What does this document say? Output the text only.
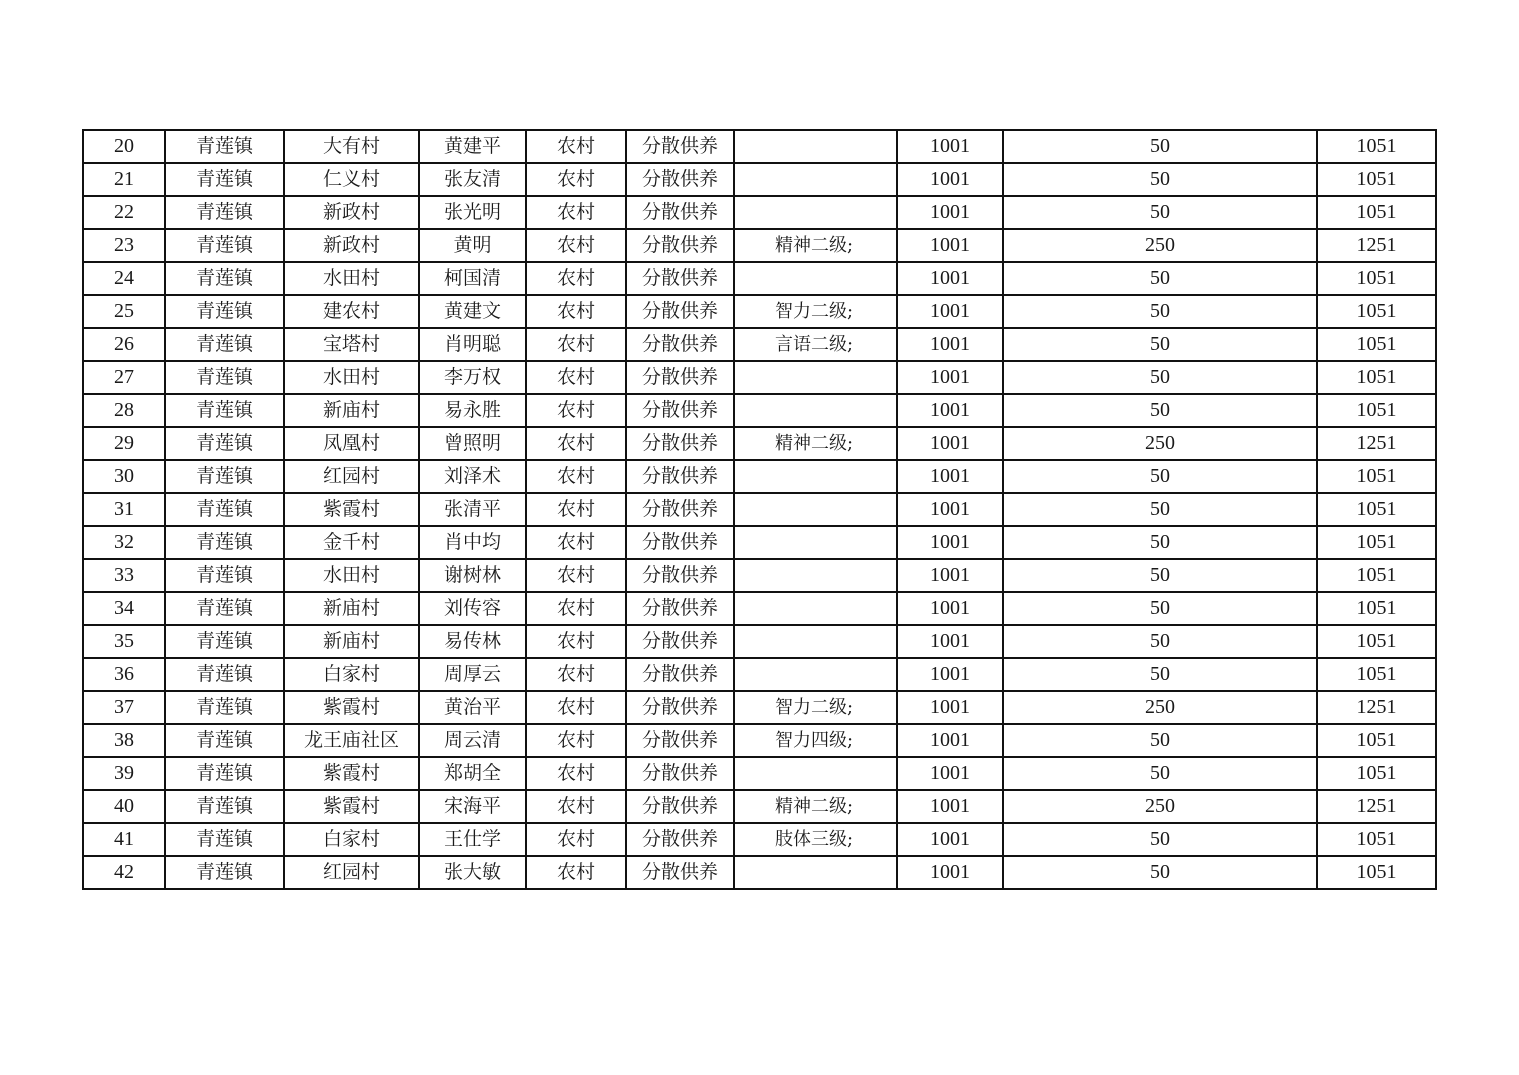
20	青莲镇	大有村	黄建平	农村	分散供养		1001	50	1051
21	青莲镇	仁义村	张友清	农村	分散供养		1001	50	1051
22	青莲镇	新政村	张光明	农村	分散供养		1001	50	1051
23	青莲镇	新政村	黄明	农村	分散供养	精神二级;	1001	250	1251
24	青莲镇	水田村	柯国清	农村	分散供养		1001	50	1051
25	青莲镇	建农村	黄建文	农村	分散供养	智力二级;	1001	50	1051
26	青莲镇	宝塔村	肖明聪	农村	分散供养	言语二级;	1001	50	1051
27	青莲镇	水田村	李万权	农村	分散供养		1001	50	1051
28	青莲镇	新庙村	易永胜	农村	分散供养		1001	50	1051
29	青莲镇	凤凰村	曾照明	农村	分散供养	精神二级;	1001	250	1251
30	青莲镇	红园村	刘泽术	农村	分散供养		1001	50	1051
31	青莲镇	紫霞村	张清平	农村	分散供养		1001	50	1051
32	青莲镇	金千村	肖中均	农村	分散供养		1001	50	1051
33	青莲镇	水田村	谢树林	农村	分散供养		1001	50	1051
34	青莲镇	新庙村	刘传容	农村	分散供养		1001	50	1051
35	青莲镇	新庙村	易传林	农村	分散供养		1001	50	1051
36	青莲镇	白家村	周厚云	农村	分散供养		1001	50	1051
37	青莲镇	紫霞村	黄治平	农村	分散供养	智力二级;	1001	250	1251
38	青莲镇	龙王庙社区	周云清	农村	分散供养	智力四级;	1001	50	1051
39	青莲镇	紫霞村	郑胡全	农村	分散供养		1001	50	1051
40	青莲镇	紫霞村	宋海平	农村	分散供养	精神二级;	1001	250	1251
41	青莲镇	白家村	王仕学	农村	分散供养	肢体三级;	1001	50	1051
42	青莲镇	红园村	张大敏	农村	分散供养		1001	50	1051
